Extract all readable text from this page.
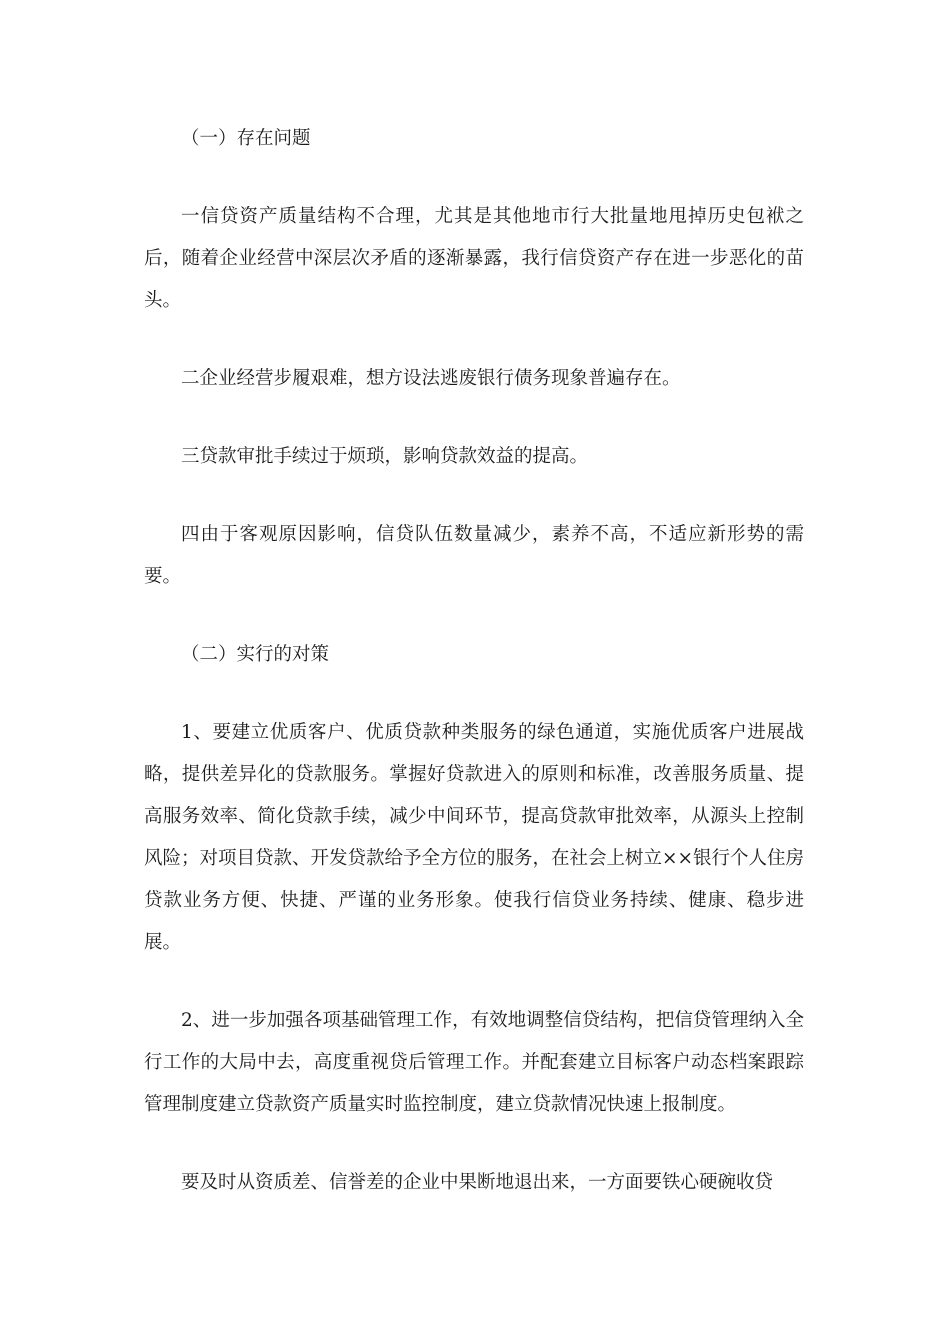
（一）存在问题

一信贷资产质量结构不合理，尤其是其他地市行大批量地甩掉历史包袱之后，随着企业经营中深层次矛盾的逐渐暴露，我行信贷资产存在进一步恶化的苗头。

二企业经营步履艰难，想方设法逃废银行债务现象普遍存在。

三贷款审批手续过于烦琐，影响贷款效益的提高。

四由于客观原因影响，信贷队伍数量减少，素养不高，不适应新形势的需要。

（二）实行的对策

1、要建立优质客户、优质贷款种类服务的绿色通道，实施优质客户进展战略，提供差异化的贷款服务。掌握好贷款进入的原则和标准，改善服务质量、提高服务效率、简化贷款手续，减少中间环节，提高贷款审批效率，从源头上控制风险；对项目贷款、开发贷款给予全方位的服务，在社会上树立××银行个人住房贷款业务方便、快捷、严谨的业务形象。使我行信贷业务持续、健康、稳步进展。

2、进一步加强各项基础管理工作，有效地调整信贷结构，把信贷管理纳入全行工作的大局中去，高度重视贷后管理工作。并配套建立目标客户动态档案跟踪管理制度建立贷款资产质量实时监控制度，建立贷款情况快速上报制度。

要及时从资质差、信誉差的企业中果断地退出来，一方面要铁心硬碗收贷
